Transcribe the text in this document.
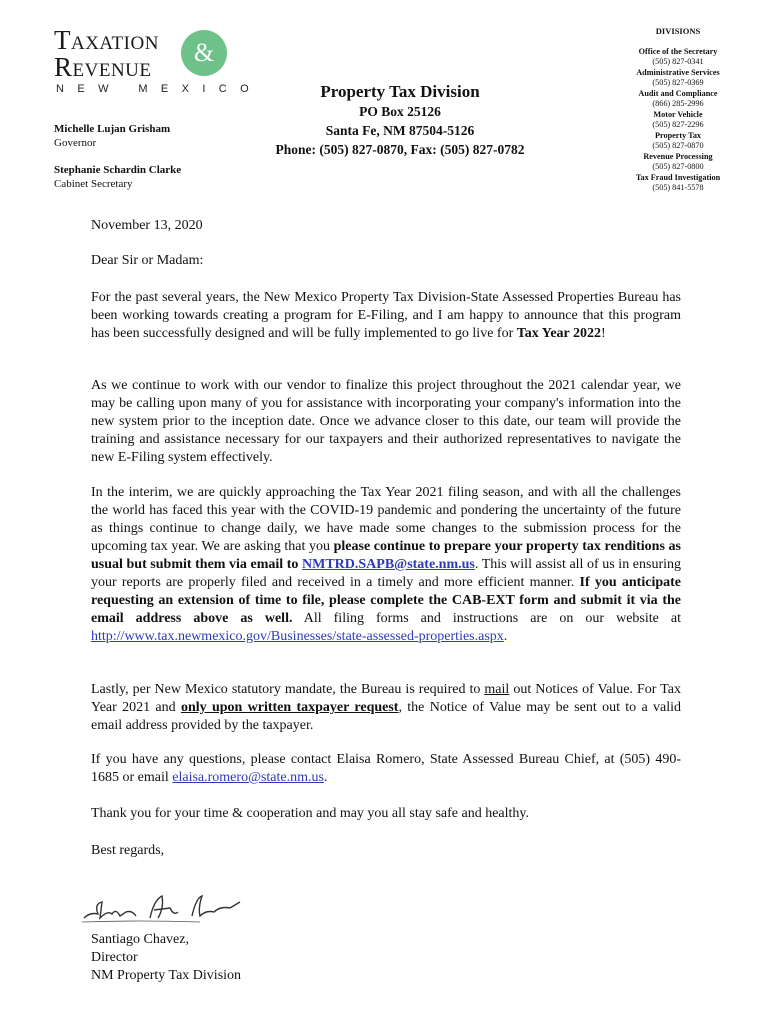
Taxation	&
Revenue
NEW MEXICO
Michelle Lujan Grisham
Governor
Stephanie Schardin Clarke
Cabinet Secretary
Property Tax Division
PO Box 25126
Santa Fe, NM 87504-5126
Phone: (505) 827-0870, Fax: (505) 827-0782
DIVISIONS
Office of the Secretary
(505) 827-0341
Administrative Services
(505) 827-0369
Audit and Compliance
(866) 285-2996
Motor Vehicle
(505) 827-2296
Property Tax
(505) 827-0870
Revenue Processing
(505) 827-0800
Tax Fraud Investigation
(505) 841-5578
November 13, 2020
Dear Sir or Madam:
For the past several years, the New Mexico Property Tax Division-State Assessed Properties Bureau has been working towards creating a program for E-Filing, and I am happy to announce that this program has been successfully designed and will be fully implemented to go live for Tax Year 2022!
As we continue to work with our vendor to finalize this project throughout the 2021 calendar year, we may be calling upon many of you for assistance with incorporating your company's information into the new system prior to the inception date. Once we advance closer to this date, our team will provide the training and assistance necessary for our taxpayers and their authorized representatives to navigate the new E-Filing system effectively.
In the interim, we are quickly approaching the Tax Year 2021 filing season, and with all the challenges the world has faced this year with the COVID-19 pandemic and pondering the uncertainty of the future as things continue to change daily, we have made some changes to the submission process for the upcoming tax year. We are asking that you please continue to prepare your property tax renditions as usual but submit them via email to NMTRD.SAPB@state.nm.us. This will assist all of us in ensuring your reports are properly filed and received in a timely and more efficient manner. If you anticipate requesting an extension of time to file, please complete the CAB-EXT form and submit it via the email address above as well. All filing forms and instructions are on our website at http://www.tax.newmexico.gov/Businesses/state-assessed-properties.aspx.
Lastly, per New Mexico statutory mandate, the Bureau is required to mail out Notices of Value. For Tax Year 2021 and only upon written taxpayer request, the Notice of Value may be sent out to a valid email address provided by the taxpayer.
If you have any questions, please contact Elaisa Romero, State Assessed Bureau Chief, at (505) 490-1685 or email elaisa.romero@state.nm.us.
Thank you for your time & cooperation and may you all stay safe and healthy.
Best regards,
Santiago Chavez,
Director
NM Property Tax Division
